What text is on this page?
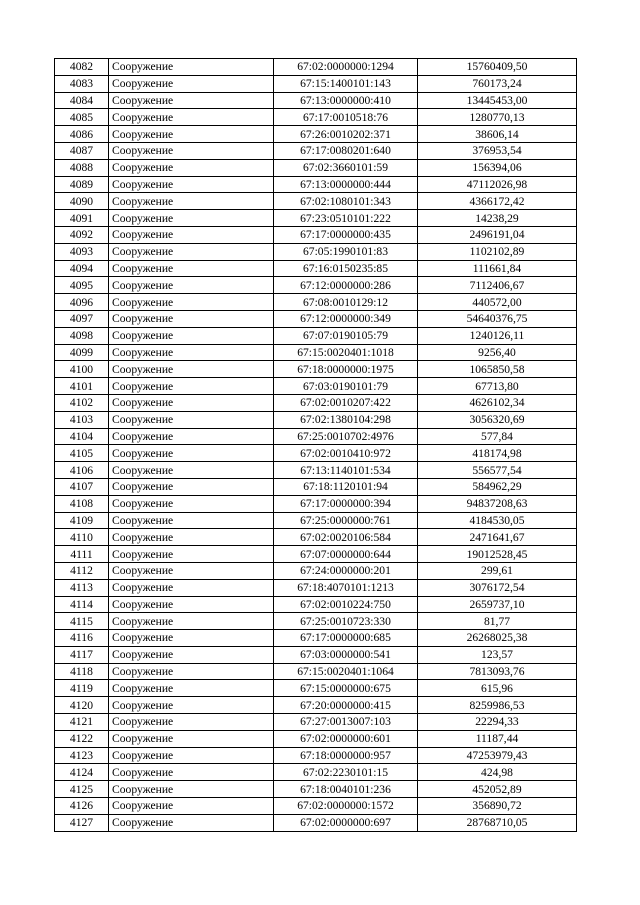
4082	Сооружение	67:02:0000000:1294	15760409,50
4083	Сооружение	67:15:1400101:143	760173,24
4084	Сооружение	67:13:0000000:410	13445453,00
4085	Сооружение	67:17:0010518:76	1280770,13
4086	Сооружение	67:26:0010202:371	38606,14
4087	Сооружение	67:17:0080201:640	376953,54
4088	Сооружение	67:02:3660101:59	156394,06
4089	Сооружение	67:13:0000000:444	47112026,98
4090	Сооружение	67:02:1080101:343	4366172,42
4091	Сооружение	67:23:0510101:222	14238,29
4092	Сооружение	67:17:0000000:435	2496191,04
4093	Сооружение	67:05:1990101:83	1102102,89
4094	Сооружение	67:16:0150235:85	111661,84
4095	Сооружение	67:12:0000000:286	7112406,67
4096	Сооружение	67:08:0010129:12	440572,00
4097	Сооружение	67:12:0000000:349	54640376,75
4098	Сооружение	67:07:0190105:79	1240126,11
4099	Сооружение	67:15:0020401:1018	9256,40
4100	Сооружение	67:18:0000000:1975	1065850,58
4101	Сооружение	67:03:0190101:79	67713,80
4102	Сооружение	67:02:0010207:422	4626102,34
4103	Сооружение	67:02:1380104:298	3056320,69
4104	Сооружение	67:25:0010702:4976	577,84
4105	Сооружение	67:02:0010410:972	418174,98
4106	Сооружение	67:13:1140101:534	556577,54
4107	Сооружение	67:18:1120101:94	584962,29
4108	Сооружение	67:17:0000000:394	94837208,63
4109	Сооружение	67:25:0000000:761	4184530,05
4110	Сооружение	67:02:0020106:584	2471641,67
4111	Сооружение	67:07:0000000:644	19012528,45
4112	Сооружение	67:24:0000000:201	299,61
4113	Сооружение	67:18:4070101:1213	3076172,54
4114	Сооружение	67:02:0010224:750	2659737,10
4115	Сооружение	67:25:0010723:330	81,77
4116	Сооружение	67:17:0000000:685	26268025,38
4117	Сооружение	67:03:0000000:541	123,57
4118	Сооружение	67:15:0020401:1064	7813093,76
4119	Сооружение	67:15:0000000:675	615,96
4120	Сооружение	67:20:0000000:415	8259986,53
4121	Сооружение	67:27:0013007:103	22294,33
4122	Сооружение	67:02:0000000:601	11187,44
4123	Сооружение	67:18:0000000:957	47253979,43
4124	Сооружение	67:02:2230101:15	424,98
4125	Сооружение	67:18:0040101:236	452052,89
4126	Сооружение	67:02:0000000:1572	356890,72
4127	Сооружение	67:02:0000000:697	28768710,05
